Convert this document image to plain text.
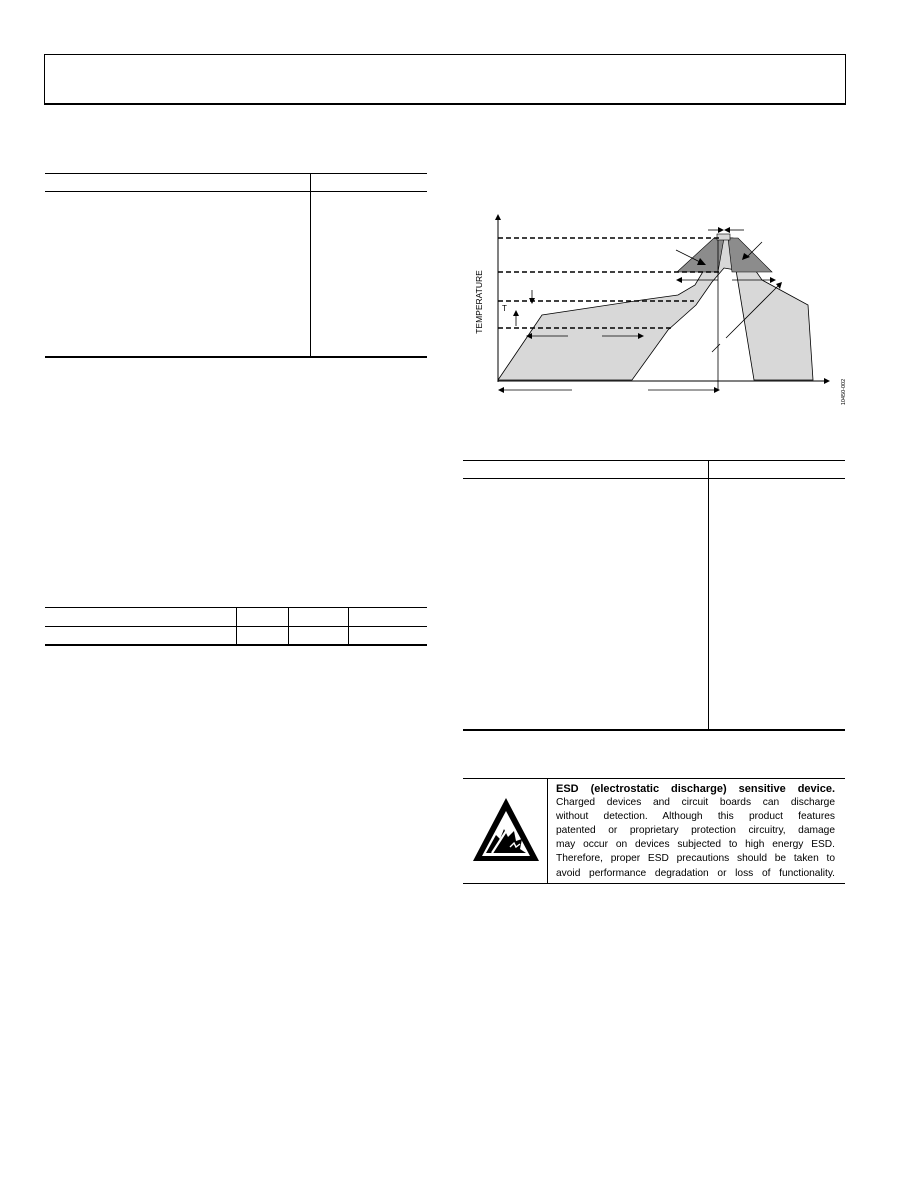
TEMPERATURE T
10450-002
ESD (electrostatic discharge) sensitive device.
Charged devices and circuit boards can discharge
without detection. Although this product features
patented or proprietary protection circuitry, damage
may occur on devices subjected to high energy ESD.
Therefore, proper ESD precautions should be taken to
avoid performance degradation or loss of functionality.
